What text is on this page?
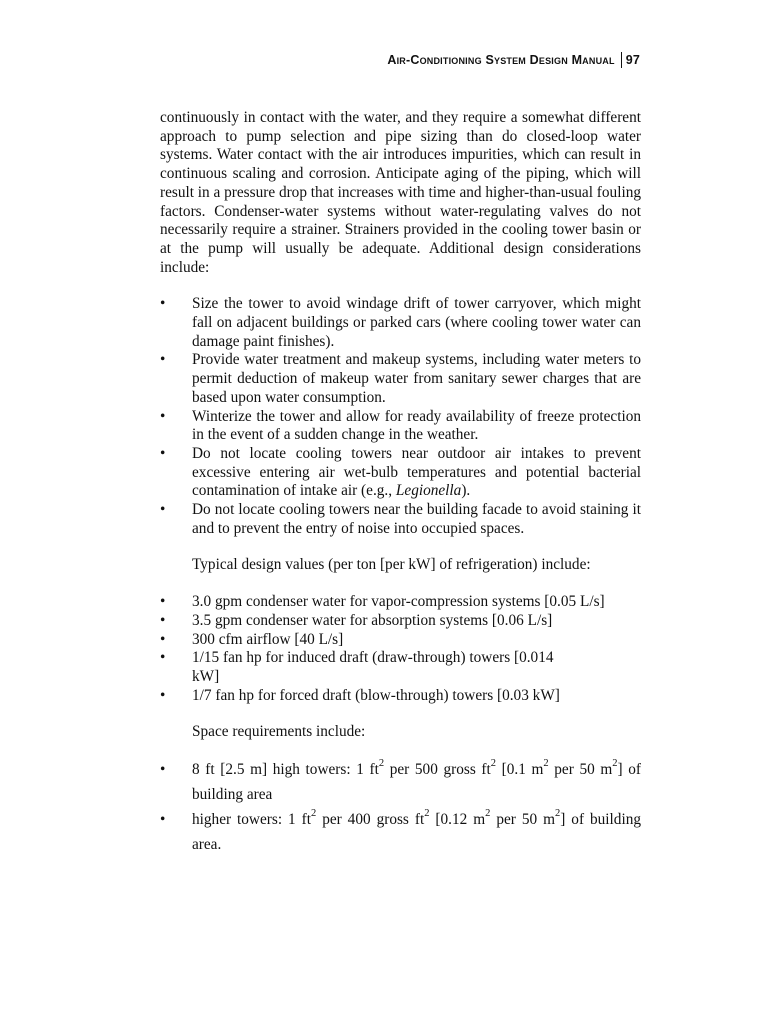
Air-Conditioning System Design Manual 97

continuously in contact with the water, and they require a somewhat different approach to pump selection and pipe sizing than do closed-loop water systems. Water contact with the air introduces impurities, which can result in continuous scaling and corrosion. Anticipate aging of the piping, which will result in a pressure drop that increases with time and higher-than-usual fouling factors. Condenser-water systems without water-regulating valves do not necessarily require a strainer. Strainers provided in the cooling tower basin or at the pump will usually be adequate. Additional design considerations include:

• Size the tower to avoid windage drift of tower carryover, which might fall on adjacent buildings or parked cars (where cooling tower water can damage paint finishes).
• Provide water treatment and makeup systems, including water meters to permit deduction of makeup water from sanitary sewer charges that are based upon water consumption.
• Winterize the tower and allow for ready availability of freeze protection in the event of a sudden change in the weather.
• Do not locate cooling towers near outdoor air intakes to prevent excessive entering air wet-bulb temperatures and potential bacterial contamination of intake air (e.g., Legionella).
• Do not locate cooling towers near the building facade to avoid staining it and to prevent the entry of noise into occupied spaces.

Typical design values (per ton [per kW] of refrigeration) include:

• 3.0 gpm condenser water for vapor-compression systems [0.05 L/s]
• 3.5 gpm condenser water for absorption systems [0.06 L/s]
• 300 cfm airflow [40 L/s]
• 1/15 fan hp for induced draft (draw-through) towers [0.014 kW]
• 1/7 fan hp for forced draft (blow-through) towers [0.03 kW]

Space requirements include:

• 8 ft [2.5 m] high towers: 1 $ft^2$ per 500 gross $ft^2$ [0.1 $m^2$ per 50 $m^2$] of building area
• higher towers: 1 $ft^2$ per 400 gross $ft^2$ [0.12 $m^2$ per 50 $m^2$] of building area.
